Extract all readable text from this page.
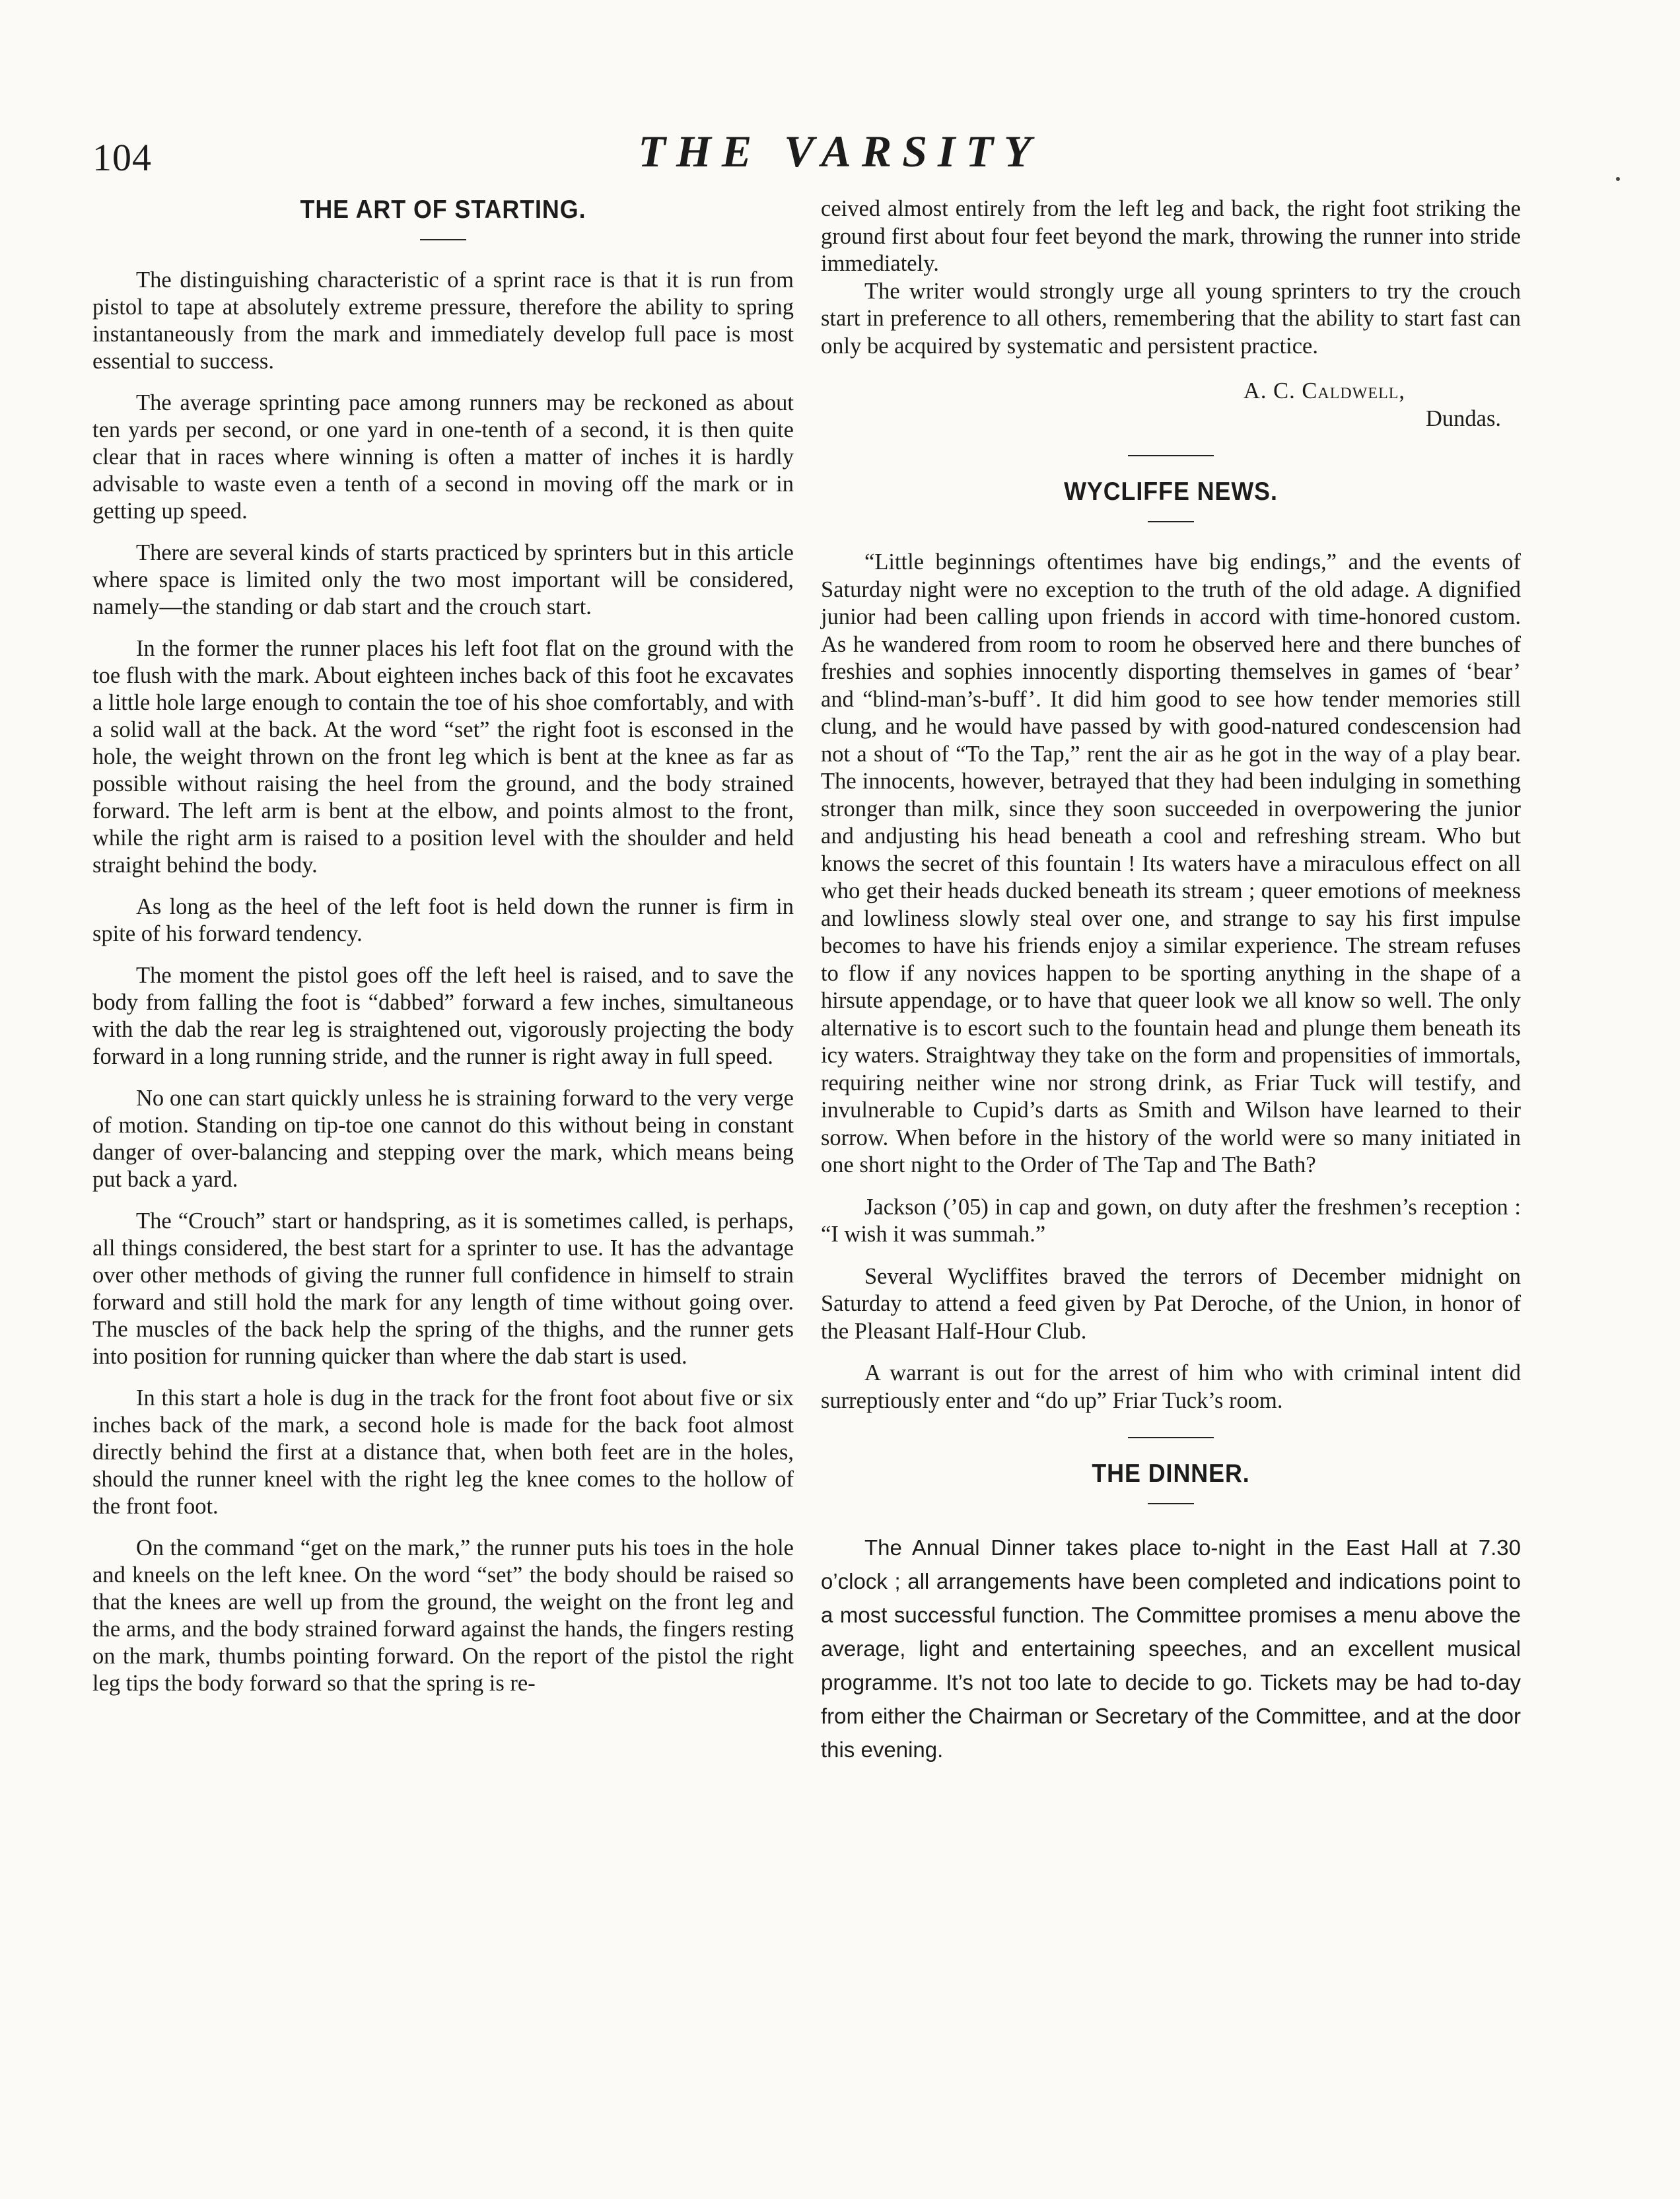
104	THE VARSITY
THE ART OF STARTING.

The distinguishing characteristic of a sprint race is that it is run from pistol to tape at absolutely extreme pressure, therefore the ability to spring instantaneously from the mark and immediately develop full pace is most essential to success.

The average sprinting pace among runners may be reckoned as about ten yards per second, or one yard in one-tenth of a second, it is then quite clear that in races where winning is often a matter of inches it is hardly advisable to waste even a tenth of a second in moving off the mark or in getting up speed.

There are several kinds of starts practiced by sprinters but in this article where space is limited only the two most important will be considered, namely—the standing or dab start and the crouch start.

In the former the runner places his left foot flat on the ground with the toe flush with the mark. About eighteen inches back of this foot he excavates a little hole large enough to contain the toe of his shoe comfortably, and with a solid wall at the back. At the word “set” the right foot is esconsed in the hole, the weight thrown on the front leg which is bent at the knee as far as possible without raising the heel from the ground, and the body strained forward. The left arm is bent at the elbow, and points almost to the front, while the right arm is raised to a position level with the shoulder and held straight behind the body.

As long as the heel of the left foot is held down the runner is firm in spite of his forward tendency.

The moment the pistol goes off the left heel is raised, and to save the body from falling the foot is “dabbed” forward a few inches, simultaneous with the dab the rear leg is straightened out, vigorously projecting the body forward in a long running stride, and the runner is right away in full speed.

No one can start quickly unless he is straining forward to the very verge of motion. Standing on tip-toe one cannot do this without being in constant danger of over-balancing and stepping over the mark, which means being put back a yard.

The “Crouch” start or handspring, as it is sometimes called, is perhaps, all things considered, the best start for a sprinter to use. It has the advantage over other methods of giving the runner full confidence in himself to strain forward and still hold the mark for any length of time without going over. The muscles of the back help the spring of the thighs, and the runner gets into position for running quicker than where the dab start is used.

In this start a hole is dug in the track for the front foot about five or six inches back of the mark, a second hole is made for the back foot almost directly behind the first at a distance that, when both feet are in the holes, should the runner kneel with the right leg the knee comes to the hollow of the front foot.

On the command “get on the mark,” the runner puts his toes in the hole and kneels on the left knee. On the word “set” the body should be raised so that the knees are well up from the ground, the weight on the front leg and the arms, and the body strained forward against the hands, the fingers resting on the mark, thumbs pointing forward. On the report of the pistol the right leg tips the body forward so that the spring is re-

ceived almost entirely from the left leg and back, the right foot striking the ground first about four feet beyond the mark, throwing the runner into stride immediately.

The writer would strongly urge all young sprinters to try the crouch start in preference to all others, remembering that the ability to start fast can only be acquired by systematic and persistent practice.

A. C. Caldwell,
Dundas.
WYCLIFFE NEWS.

“Little beginnings oftentimes have big endings,” and the events of Saturday night were no exception to the truth of the old adage. A dignified junior had been calling upon friends in accord with time-honored custom. As he wandered from room to room he observed here and there bunches of freshies and sophies innocently disporting themselves in games of ‘bear’ and “blind-man’s-buff’. It did him good to see how tender memories still clung, and he would have passed by with good-natured condescension had not a shout of “To the Tap,” rent the air as he got in the way of a play bear. The innocents, however, betrayed that they had been indulging in something stronger than milk, since they soon succeeded in overpowering the junior and andjusting his head beneath a cool and refreshing stream. Who but knows the secret of this fountain ! Its waters have a miraculous effect on all who get their heads ducked beneath its stream ; queer emotions of meekness and lowliness slowly steal over one, and strange to say his first impulse becomes to have his friends enjoy a similar experience. The stream refuses to flow if any novices happen to be sporting anything in the shape of a hirsute appendage, or to have that queer look we all know so well. The only alternative is to escort such to the fountain head and plunge them beneath its icy waters. Straightway they take on the form and propensities of immortals, requiring neither wine nor strong drink, as Friar Tuck will testify, and invulnerable to Cupid’s darts as Smith and Wilson have learned to their sorrow. When before in the history of the world were so many initiated in one short night to the Order of The Tap and The Bath?

Jackson (’05) in cap and gown, on duty after the freshmen’s reception : “I wish it was summah.”

Several Wycliffites braved the terrors of December midnight on Saturday to attend a feed given by Pat Deroche, of the Union, in honor of the Pleasant Half-Hour Club.

A warrant is out for the arrest of him who with criminal intent did surreptiously enter and “do up” Friar Tuck’s room.

THE DINNER.

The Annual Dinner takes place to-night in the East Hall at 7.30 o’clock ; all arrangements have been completed and indications point to a most successful function. The Committee promises a menu above the average, light and entertaining speeches, and an excellent musical programme. It’s not too late to decide to go. Tickets may be had to-day from either the Chairman or Secretary of the Committee, and at the door this evening.
